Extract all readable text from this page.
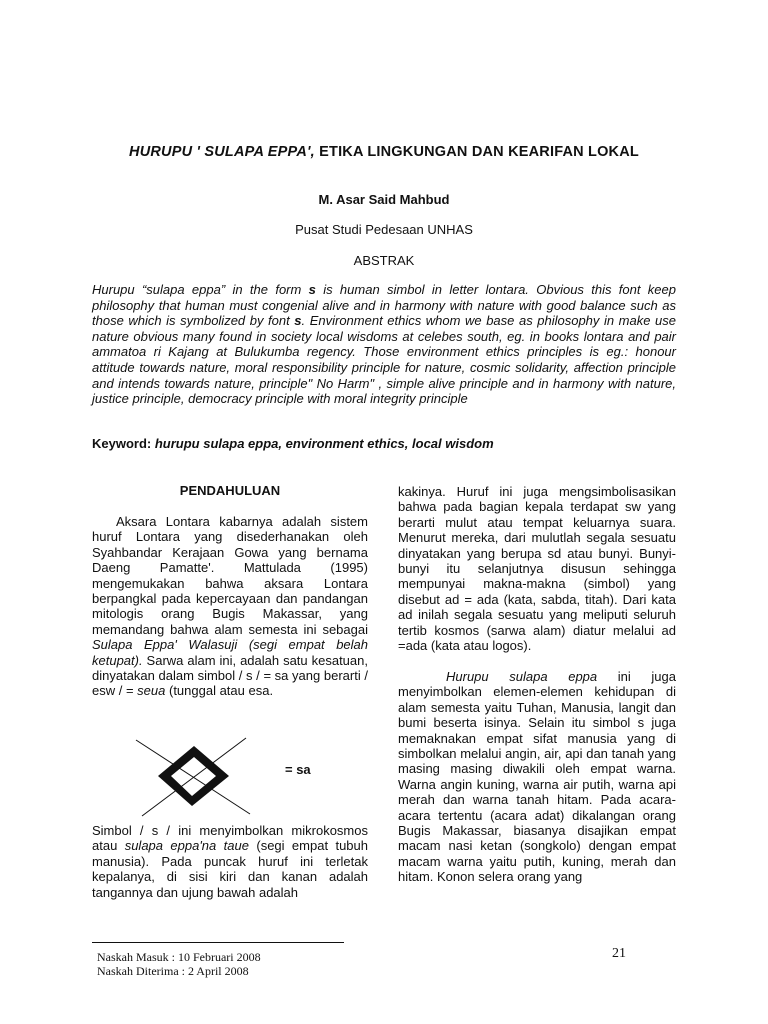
HURUPU ' SULAPA EPPA', ETIKA LINGKUNGAN DAN KEARIFAN LOKAL
M. Asar Said Mahbud
Pusat Studi Pedesaan UNHAS
ABSTRAK

Hurupu “sulapa eppa” in the form s is human simbol in letter lontara. Obvious this font keep philosophy that human must congenial alive and in harmony with nature with good balance such as those which is symbolized by font s. Environment ethics whom we base as philosophy in make use nature obvious many found in society local wisdoms at celebes south, eg. in books lontara and pair ammatoa ri Kajang at Bulukumba regency. Those environment ethics principles is eg.: honour attitude towards nature, moral responsibility principle for nature, cosmic solidarity, affection principle and intends towards nature, principle" No Harm" , simple alive principle and in harmony with nature, justice principle, democracy principle with moral integrity principle

Keyword: hurupu sulapa eppa, environment ethics, local wisdom
PENDAHULUAN

Aksara Lontara kabarnya adalah sistem huruf Lontara yang disederhanakan oleh Syahbandar Kerajaan Gowa yang bernama Daeng Pamatte'. Mattulada (1995) mengemukakan bahwa aksara Lontara berpangkal pada kepercayaan dan pandangan mitologis orang Bugis Makassar, yang memandang bahwa alam semesta ini sebagai Sulapa Eppa' Walasuji (segi empat belah ketupat). Sarwa alam ini, adalah satu kesatuan, dinyatakan dalam simbol / s / = sa yang berarti / esw / = seua (tunggal atau esa.

= sa

Simbol / s / ini menyimbolkan mikrokosmos atau sulapa eppa'na taue (segi empat tubuh manusia). Pada puncak huruf ini terletak kepalanya, di sisi kiri dan kanan adalah tangannya dan ujung bawah adalah

kakinya. Huruf ini juga mengsimbolisasikan bahwa pada bagian kepala terdapat sw yang berarti mulut atau tempat keluarnya suara. Menurut mereka, dari mulutlah segala sesuatu dinyatakan yang berupa sd atau bunyi. Bunyi-bunyi itu selanjutnya disusun sehingga mempunyai makna-makna (simbol) yang disebut ad = ada (kata, sabda, titah). Dari kata ad inilah segala sesuatu yang meliputi seluruh tertib kosmos (sarwa alam) diatur melalui ad =ada (kata atau logos).

Hurupu sulapa eppa ini juga menyimbolkan elemen-elemen kehidupan di alam semesta yaitu Tuhan, Manusia, langit dan bumi beserta isinya. Selain itu simbol s juga memaknakan empat sifat manusia yang di simbolkan melalui angin, air, api dan tanah yang masing masing diwakili oleh empat warna. Warna angin kuning, warna air putih, warna api merah dan warna tanah hitam. Pada acara-acara tertentu (acara adat) dikalangan orang Bugis Makassar, biasanya disajikan empat macam nasi ketan (songkolo) dengan empat macam warna yaitu putih, kuning, merah dan hitam. Konon selera orang yang

Naskah Masuk : 10 Februari 2008
Naskah Diterima : 2 April 2008
21
